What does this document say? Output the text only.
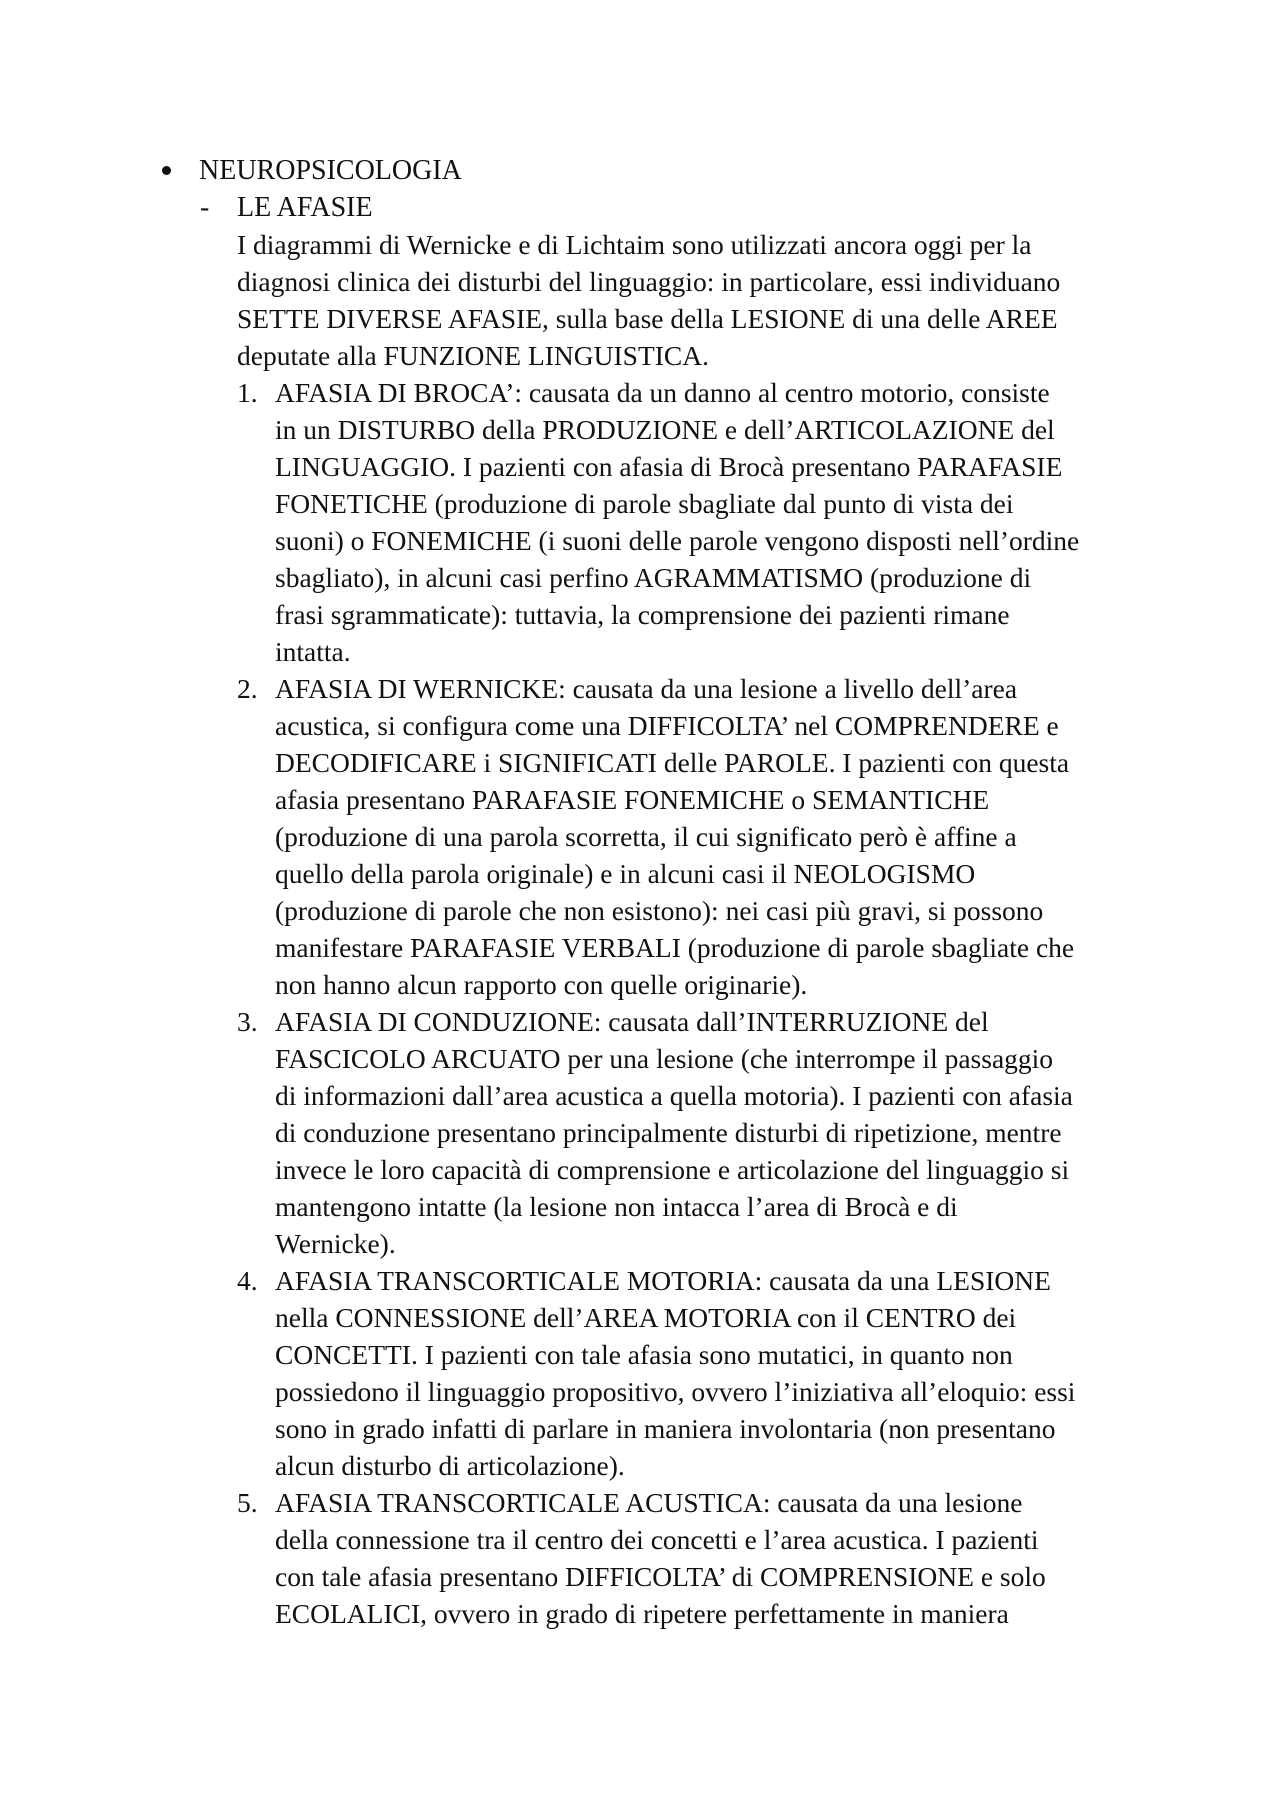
NEUROPSICOLOGIA
- LE AFASIE

I diagrammi di Wernicke e di Lichtaim sono utilizzati ancora oggi per la
diagnosi clinica dei disturbi del linguaggio: in particolare, essi individuano
SETTE DIVERSE AFASIE, sulla base della LESIONE di una delle AREE
deputate alla FUNZIONE LINGUISTICA.

1. AFASIA DI BROCA’: causata da un danno al centro motorio, consiste
in un DISTURBO della PRODUZIONE e dell’ARTICOLAZIONE del
LINGUAGGIO. I pazienti con afasia di Brocà presentano PARAFASIE
FONETICHE (produzione di parole sbagliate dal punto di vista dei
suoni) o FONEMICHE (i suoni delle parole vengono disposti nell’ordine
sbagliato), in alcuni casi perfino AGRAMMATISMO (produzione di
frasi sgrammaticate): tuttavia, la comprensione dei pazienti rimane
intatta.
2. AFASIA DI WERNICKE: causata da una lesione a livello dell’area
acustica, si configura come una DIFFICOLTA’ nel COMPRENDERE e
DECODIFICARE i SIGNIFICATI delle PAROLE. I pazienti con questa
afasia presentano PARAFASIE FONEMICHE o SEMANTICHE
(produzione di una parola scorretta, il cui significato però è affine a
quello della parola originale) e in alcuni casi il NEOLOGISMO
(produzione di parole che non esistono): nei casi più gravi, si possono
manifestare PARAFASIE VERBALI (produzione di parole sbagliate che
non hanno alcun rapporto con quelle originarie).
3. AFASIA DI CONDUZIONE: causata dall’INTERRUZIONE del
FASCICOLO ARCUATO per una lesione (che interrompe il passaggio
di informazioni dall’area acustica a quella motoria). I pazienti con afasia
di conduzione presentano principalmente disturbi di ripetizione, mentre
invece le loro capacità di comprensione e articolazione del linguaggio si
mantengono intatte (la lesione non intacca l’area di Brocà e di
Wernicke).
4. AFASIA TRANSCORTICALE MOTORIA: causata da una LESIONE
nella CONNESSIONE dell’AREA MOTORIA con il CENTRO dei
CONCETTI. I pazienti con tale afasia sono mutatici, in quanto non
possiedono il linguaggio propositivo, ovvero l’iniziativa all’eloquio: essi
sono in grado infatti di parlare in maniera involontaria (non presentano
alcun disturbo di articolazione).
5. AFASIA TRANSCORTICALE ACUSTICA: causata da una lesione
della connessione tra il centro dei concetti e l’area acustica. I pazienti
con tale afasia presentano DIFFICOLTA’ di COMPRENSIONE e solo
ECOLALICI, ovvero in grado di ripetere perfettamente in maniera
